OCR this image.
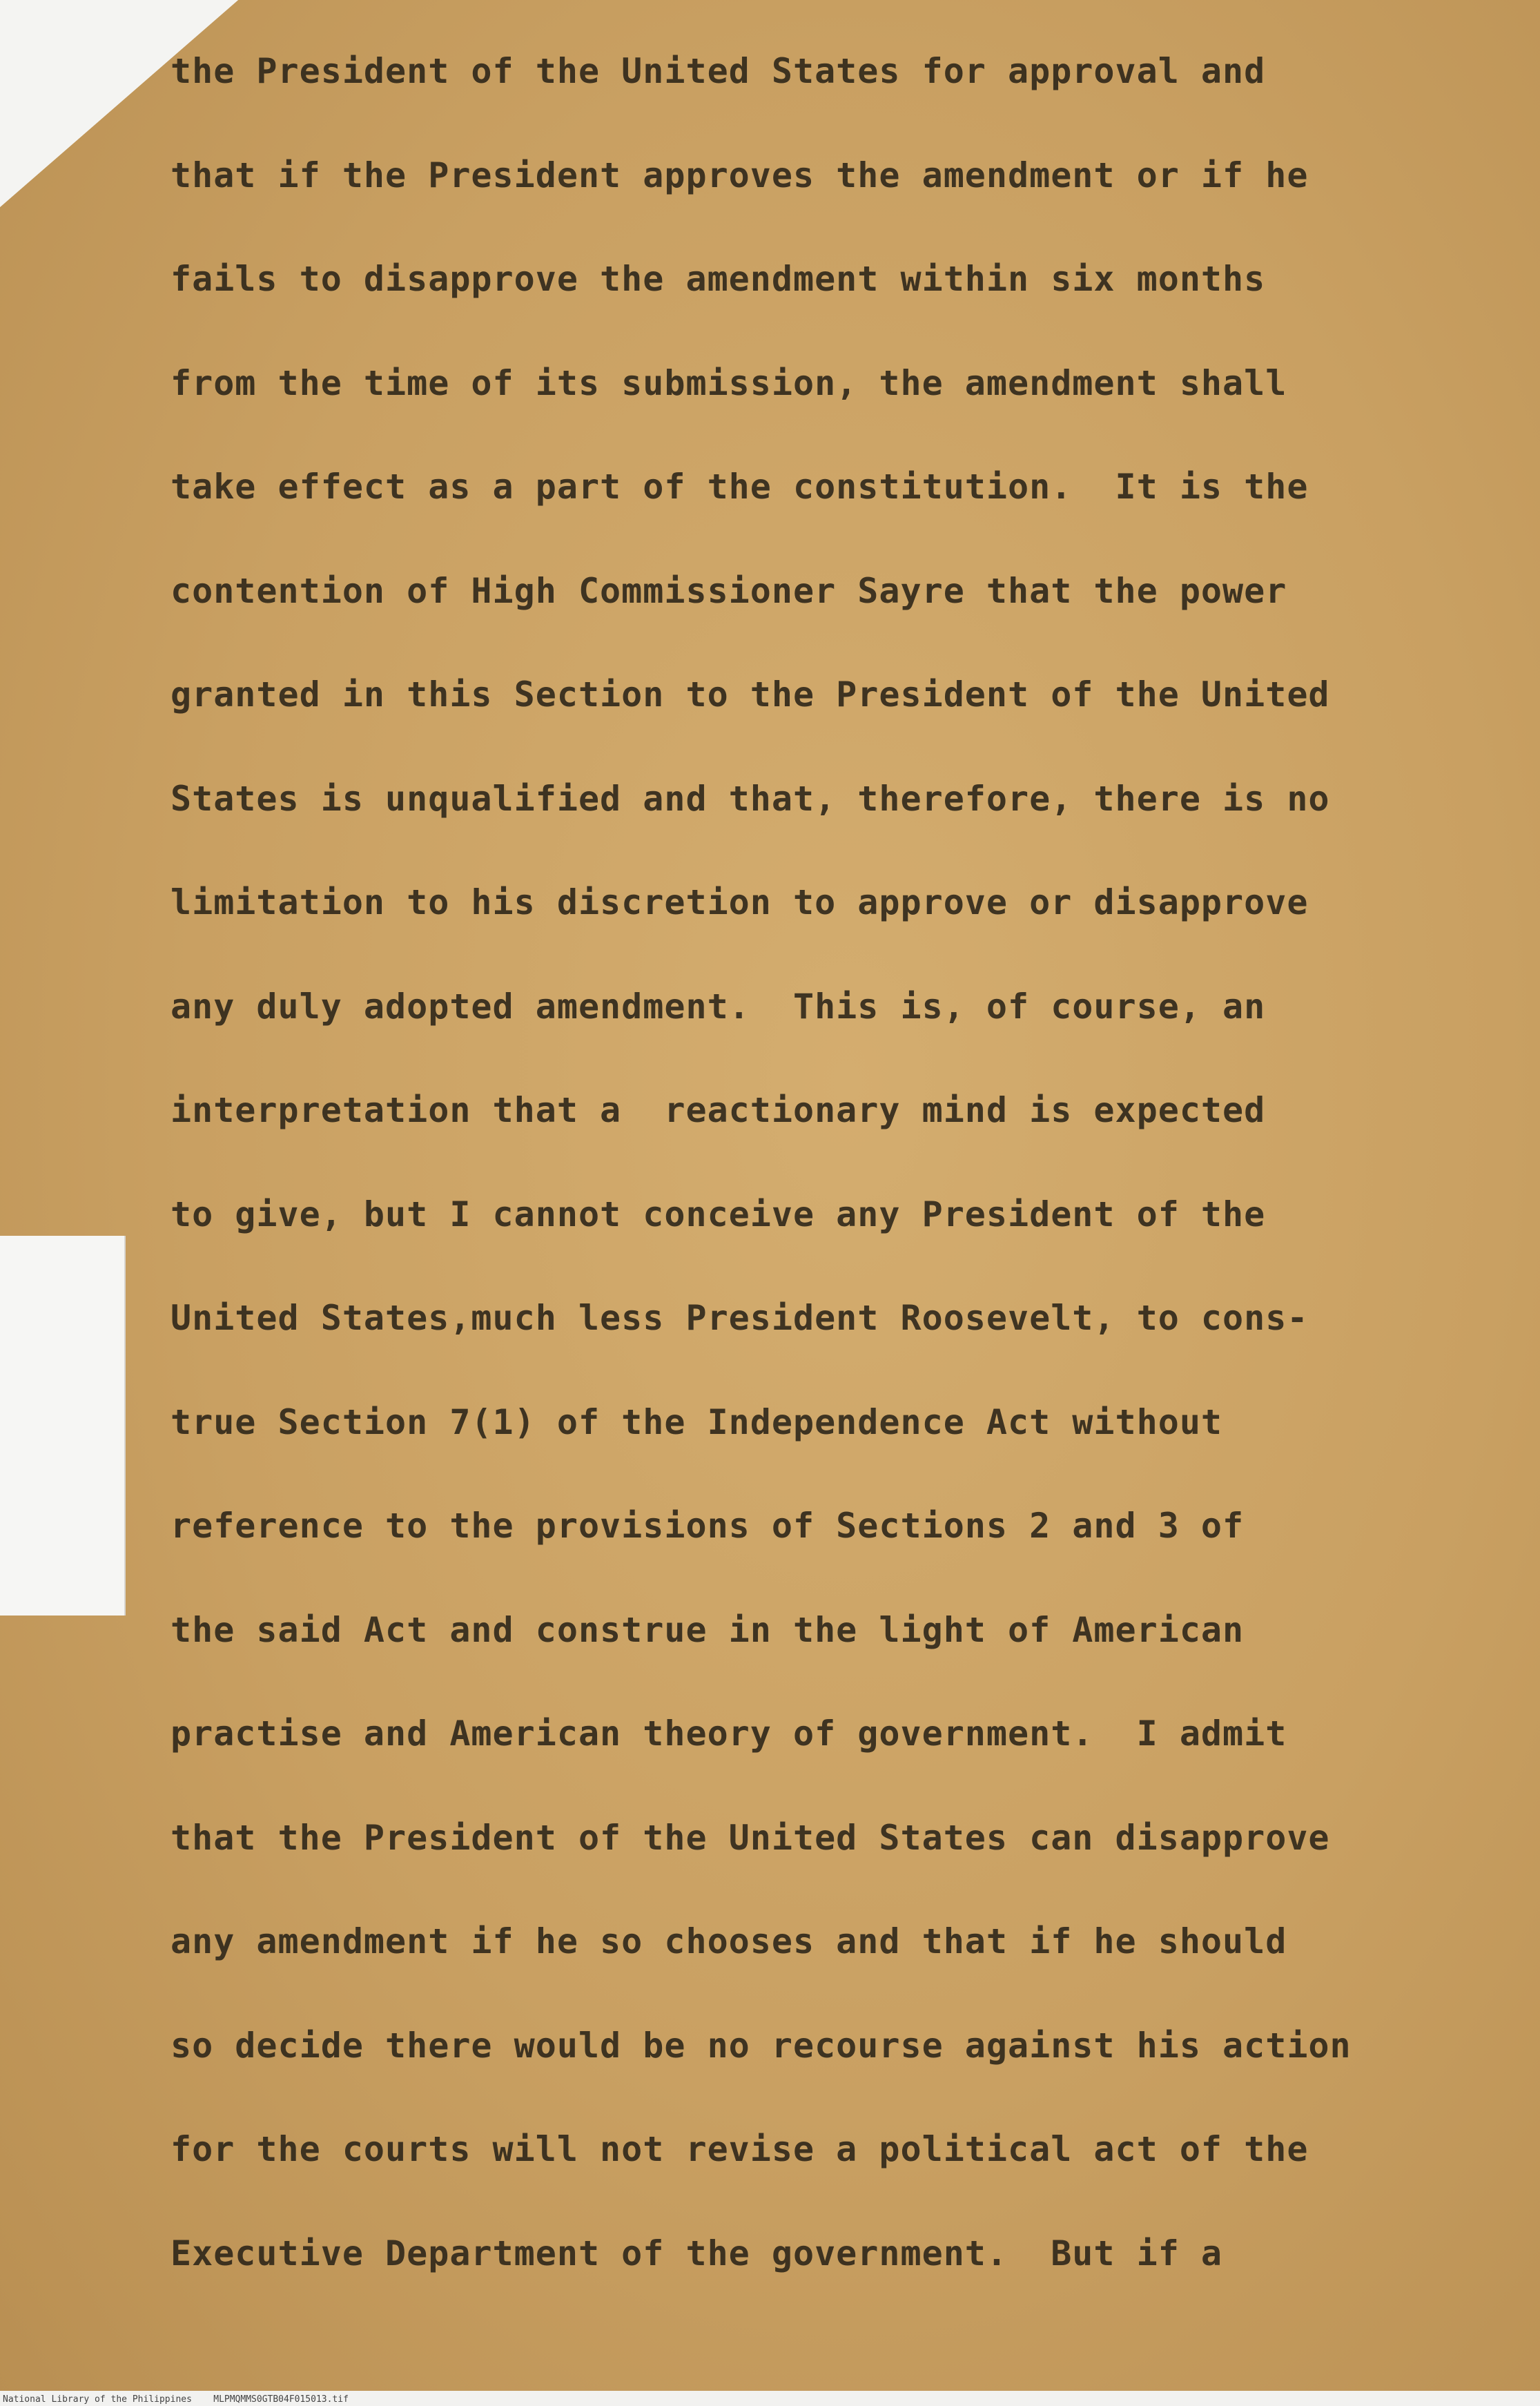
the President of the United States for approval and
that if the President approves the amendment or if he
fails to disapprove the amendment within six months
from the time of its submission, the amendment shall
take effect as a part of the constitution.  It is the
contention of High Commissioner Sayre that the power
granted in this Section to the President of the United
States is unqualified and that, therefore, there is no
limitation to his discretion to approve or disapprove
any duly adopted amendment.  This is, of course, an
interpretation that a  reactionary mind is expected
to give, but I cannot conceive any President of the
United States,much less President Roosevelt, to cons-
true Section 7(1) of the Independence Act without
reference to the provisions of Sections 2 and 3 of
the said Act and construe in the light of American
practise and American theory of government.  I admit
that the President of the United States can disapprove
any amendment if he so chooses and that if he should
so decide there would be no recourse against his action
for the courts will not revise a political act of the
Executive Department of the government.  But if a
National Library of the Philippines MLPMQMMS0GTB04F015013.tif
